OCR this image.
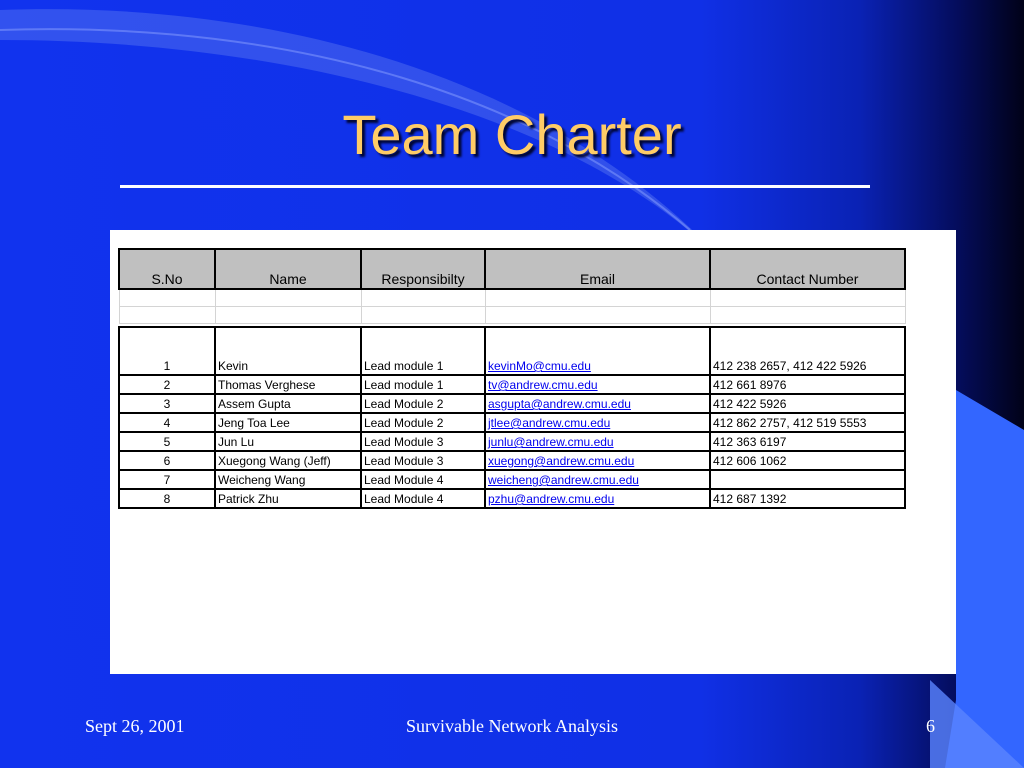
Team Charter
S.No	Name	Responsibilty	Email	Contact Number

1	Kevin	Lead module 1	kevinMo@cmu.edu	412 238 2657, 412 422 5926
2	Thomas Verghese	Lead module 1	tv@andrew.cmu.edu	412 661 8976
3	Assem Gupta	Lead Module 2	asgupta@andrew.cmu.edu	412 422 5926
4	Jeng Toa Lee	Lead Module 2	jtlee@andrew.cmu.edu	412 862 2757, 412 519 5553
5	Jun Lu	Lead Module 3	junlu@andrew.cmu.edu	412 363 6197
6	Xuegong Wang (Jeff)	Lead Module 3	xuegong@andrew.cmu.edu	412 606 1062
7	Weicheng Wang	Lead Module 4	weicheng@andrew.cmu.edu	
8	Patrick Zhu	Lead Module 4	pzhu@andrew.cmu.edu	412 687 1392
Sept 26, 2001	Survivable Network Analysis	6
